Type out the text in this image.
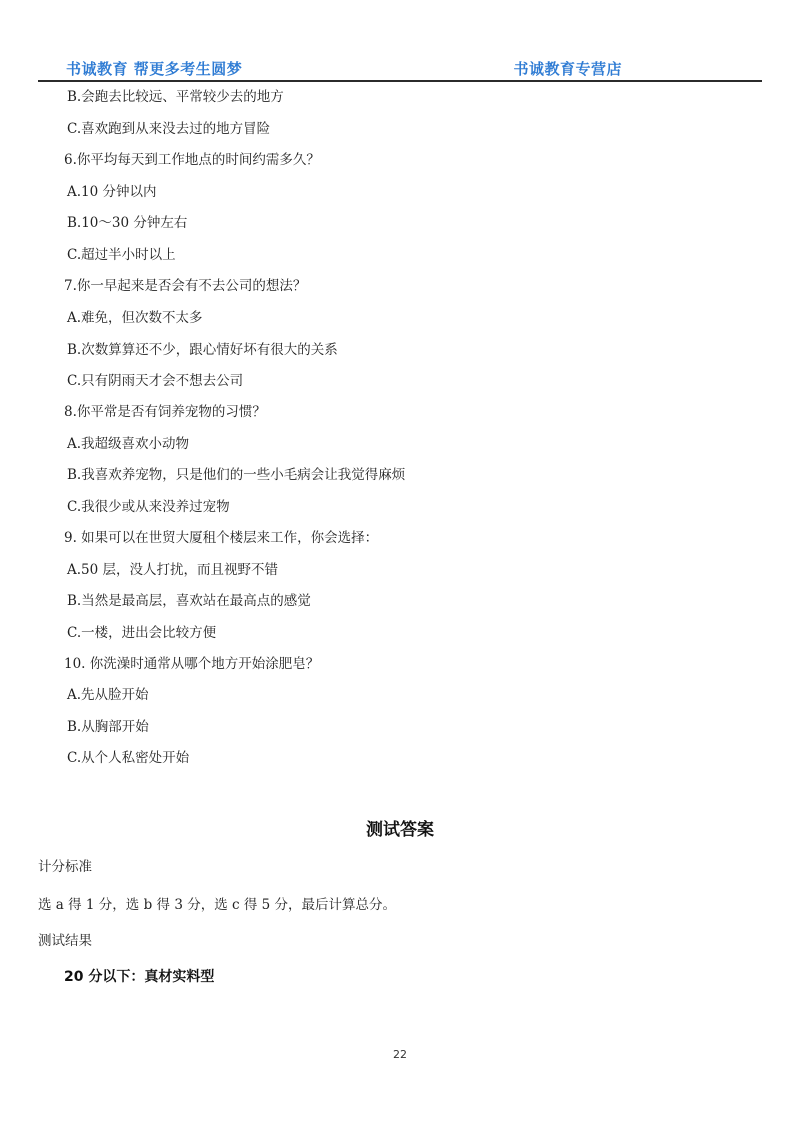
书诚教育 帮更多考生圆梦	书诚教育专营店
B.会跑去比较远、平常较少去的地方
C.喜欢跑到从来没去过的地方冒险
6.你平均每天到工作地点的时间约需多久？
A.10 分钟以内
B.10～30 分钟左右
C.超过半小时以上
7.你一早起来是否会有不去公司的想法？
A.难免，但次数不太多
B.次数算算还不少，跟心情好坏有很大的关系
C.只有阴雨天才会不想去公司
8.你平常是否有饲养宠物的习惯？
A.我超级喜欢小动物
B.我喜欢养宠物，只是他们的一些小毛病会让我觉得麻烦
C.我很少或从来没养过宠物
9. 如果可以在世贸大厦租个楼层来工作，你会选择：
A.50 层，没人打扰，而且视野不错
B.当然是最高层，喜欢站在最高点的感觉
C.一楼，进出会比较方便
10. 你洗澡时通常从哪个地方开始涂肥皂？
A.先从脸开始
B.从胸部开始
C.从个人私密处开始
测试答案
计分标准
选 a 得 1 分，选 b 得 3 分，选 c 得 5 分，最后计算总分。
测试结果
20 分以下：真材实料型
22
